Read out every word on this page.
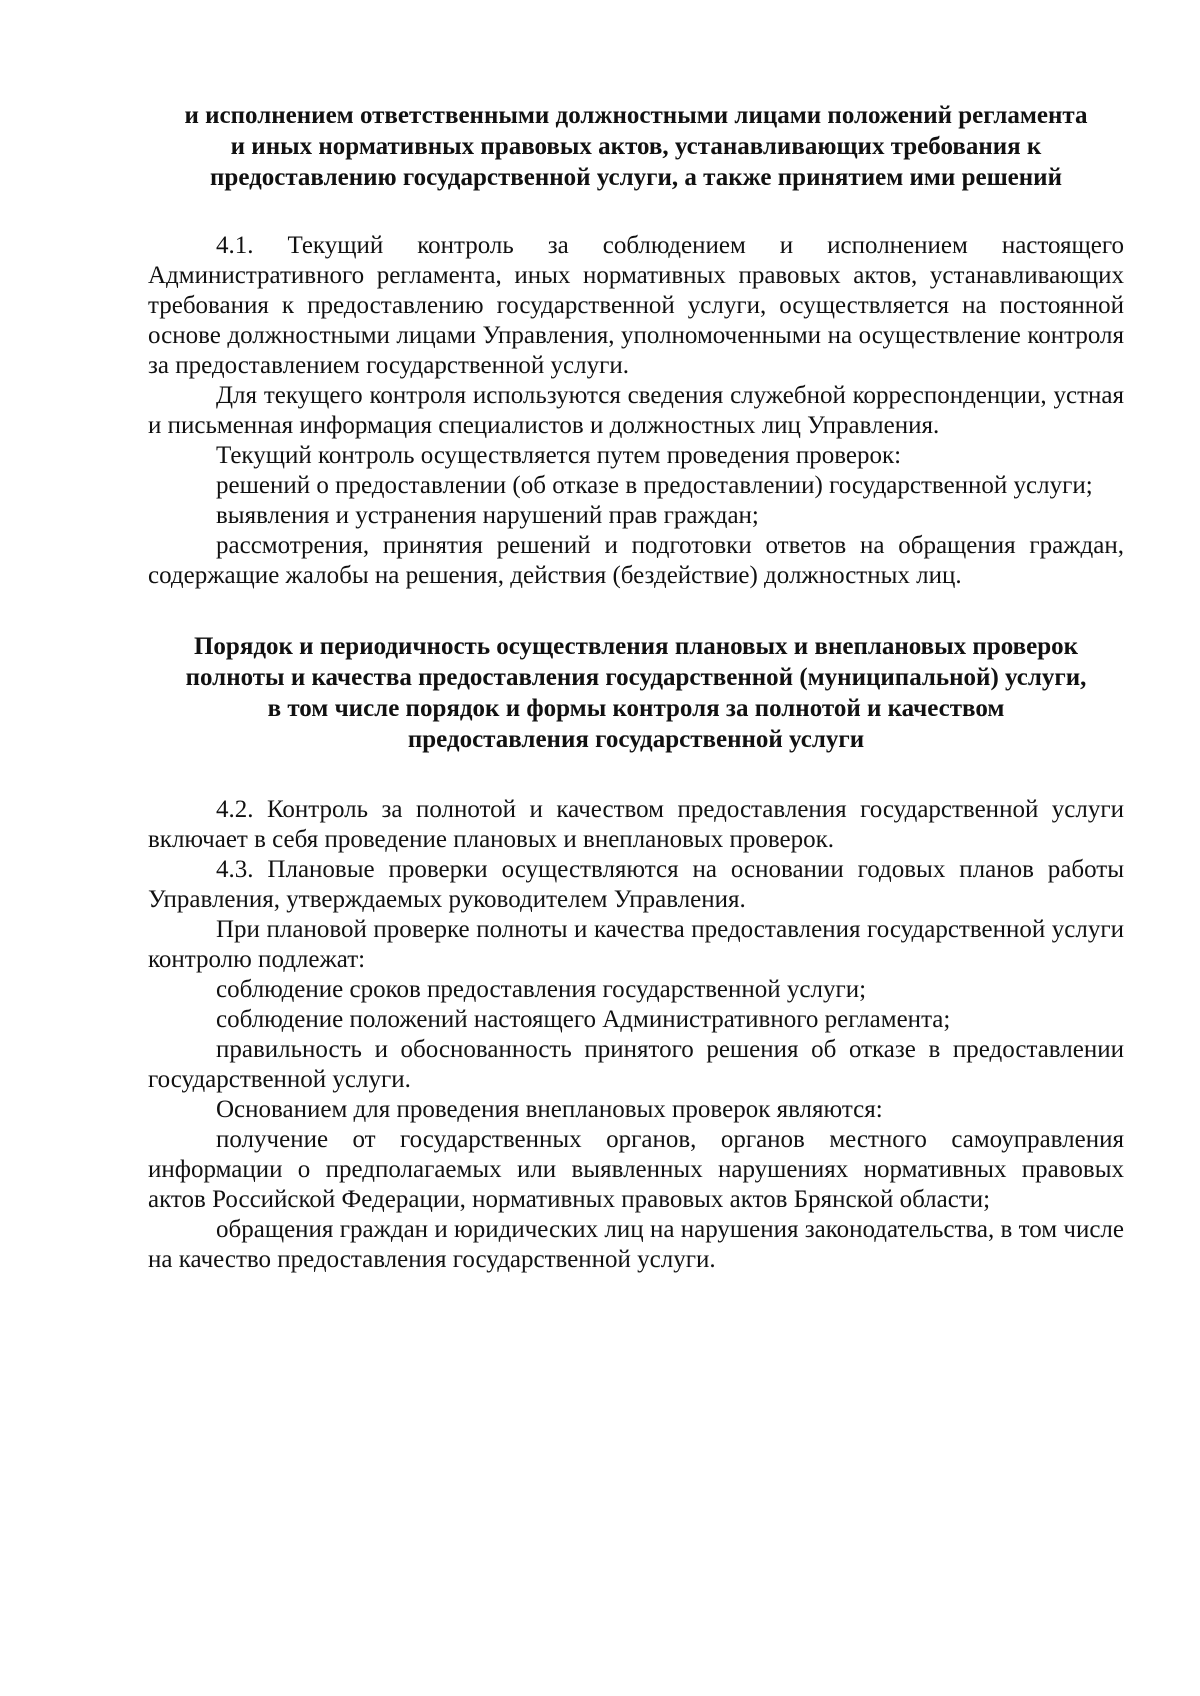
и исполнением ответственными должностными лицами положений регламента и иных нормативных правовых актов, устанавливающих требования к предоставлению государственной услуги, а также принятием ими решений

4.1. Текущий контроль за соблюдением и исполнением настоящего Административного регламента, иных нормативных правовых актов, устанавливающих требования к предоставлению государственной услуги, осуществляется на постоянной основе должностными лицами Управления, уполномоченными на осуществление контроля за предоставлением государственной услуги.

Для текущего контроля используются сведения служебной корреспонденции, устная и письменная информация специалистов и должностных лиц Управления.

Текущий контроль осуществляется путем проведения проверок:

решений о предоставлении (об отказе в предоставлении) государственной услуги;

выявления и устранения нарушений прав граждан;

рассмотрения, принятия решений и подготовки ответов на обращения граждан, содержащие жалобы на решения, действия (бездействие) должностных лиц.

Порядок и периодичность осуществления плановых и внеплановых проверок полноты и качества предоставления государственной (муниципальной) услуги, в том числе порядок и формы контроля за полнотой и качеством предоставления государственной услуги

4.2. Контроль за полнотой и качеством предоставления государственной услуги включает в себя проведение плановых и внеплановых проверок.

4.3. Плановые проверки осуществляются на основании годовых планов работы Управления, утверждаемых руководителем Управления.

При плановой проверке полноты и качества предоставления государственной услуги контролю подлежат:

соблюдение сроков предоставления государственной услуги;

соблюдение положений настоящего Административного регламента;

правильность и обоснованность принятого решения об отказе в предоставлении государственной услуги.

Основанием для проведения внеплановых проверок являются:

получение от государственных органов, органов местного самоуправления информации о предполагаемых или выявленных нарушениях нормативных правовых актов Российской Федерации, нормативных правовых актов Брянской области;

обращения граждан и юридических лиц на нарушения законодательства, в том числе на качество предоставления государственной услуги.
